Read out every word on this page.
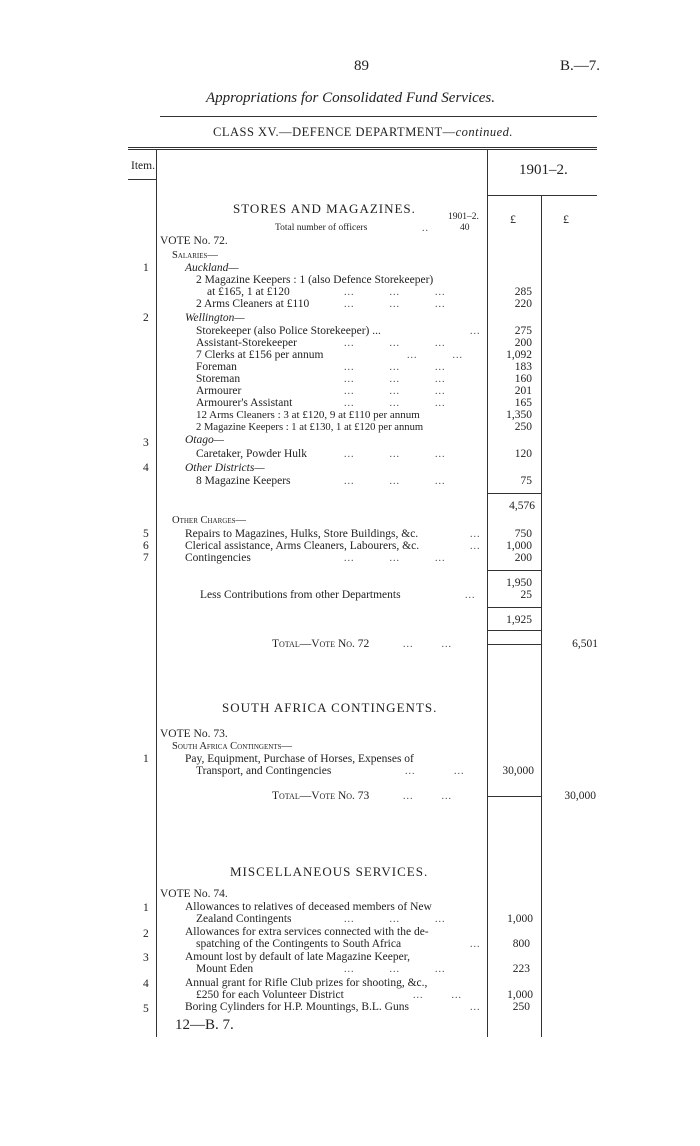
89	B.—7.
Appropriations for Consolidated Fund Services.
CLASS XV.—DEFENCE DEPARTMENT—continued.
Item.	1901–2.
STORES AND MAGAZINES.
1901–2.	£	£
Total number of officers	..	40
VOTE No. 72.
Salaries—
1	Auckland—
2 Magazine Keepers : 1 (also Defence Storekeeper)
at £165, 1 at £120	...          ...          ...	285
2 Arms Cleaners at £110	...          ...          ...	220
2	Wellington—
Storekeeper (also Police Storekeeper) ...	...	275
Assistant-Storekeeper	...          ...          ...	200
7 Clerks at £156 per annum	...          ...	1,092
Foreman	...          ...          ...	183
Storeman	...          ...          ...	160
Armourer	...          ...          ...	201
Armourer's Assistant	...          ...          ...	165
12 Arms Cleaners : 3 at £120, 9 at £110 per annum	1,350
2 Magazine Keepers : 1 at £130, 1 at £120 per annum	250
3	Otago—
Caretaker, Powder Hulk	...          ...          ...	120
4	Other Districts—
8 Magazine Keepers	...          ...          ...	75
4,576
Other Charges—
5	Repairs to Magazines, Hulks, Store Buildings, &c.	...	750
6	Clerical assistance, Arms Cleaners, Labourers, &c.	...	1,000
7	Contingencies	...          ...          ...	200
1,950
Less Contributions from other Departments	...	25
1,925
Total—Vote No. 72	...        ...	6,501
SOUTH AFRICA CONTINGENTS.
VOTE No. 73.
South Africa Contingents—
1	Pay, Equipment, Purchase of Horses, Expenses of
Transport, and Contingencies	...           ...	30,000
Total—Vote No. 73	...        ...	30,000
MISCELLANEOUS SERVICES.
VOTE No. 74.
1	Allowances to relatives of deceased members of New
Zealand Contingents	...          ...          ...	1,000
2	Allowances for extra services connected with the de-
spatching of the Contingents to South Africa	...	800
3	Amount lost by default of late Magazine Keeper,
Mount Eden	...          ...          ...	223
4	Annual grant for Rifle Club prizes for shooting, &c.,
£250 for each Volunteer District	...        ...	1,000
5	Boring Cylinders for H.P. Mountings, B.L. Guns	...	250
12—B. 7.
